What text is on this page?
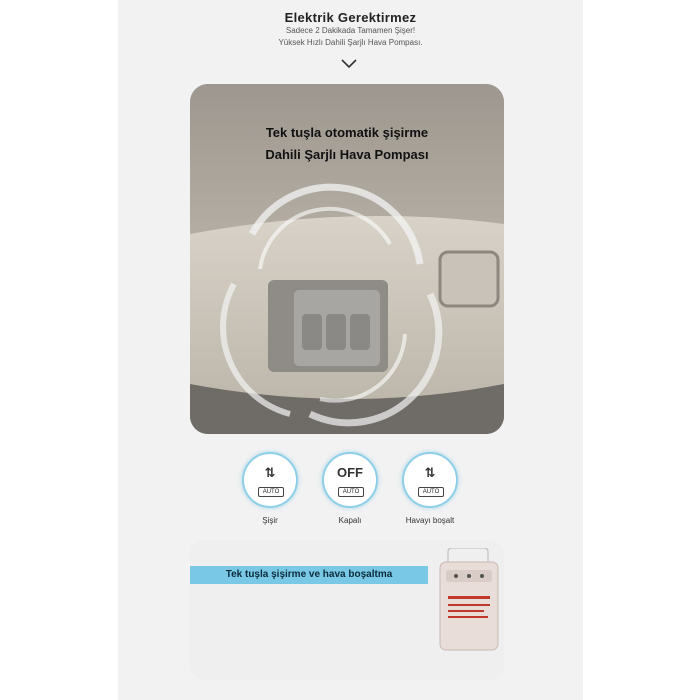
Elektrik Gerektirmez
Sadece 2 Dakikada Tamamen Şişer!
Yüksek Hızlı Dahili Şarjlı Hava Pompası.
Tek tuşla otomatik şişirme
Dahili Şarjlı Hava Pompası
⇅
AUTO
Havayı boşalt
OFF
AUTO
Kapalı
⇅
AUTO
Şişir
Tek tuşla şişirme ve hava boşaltma
